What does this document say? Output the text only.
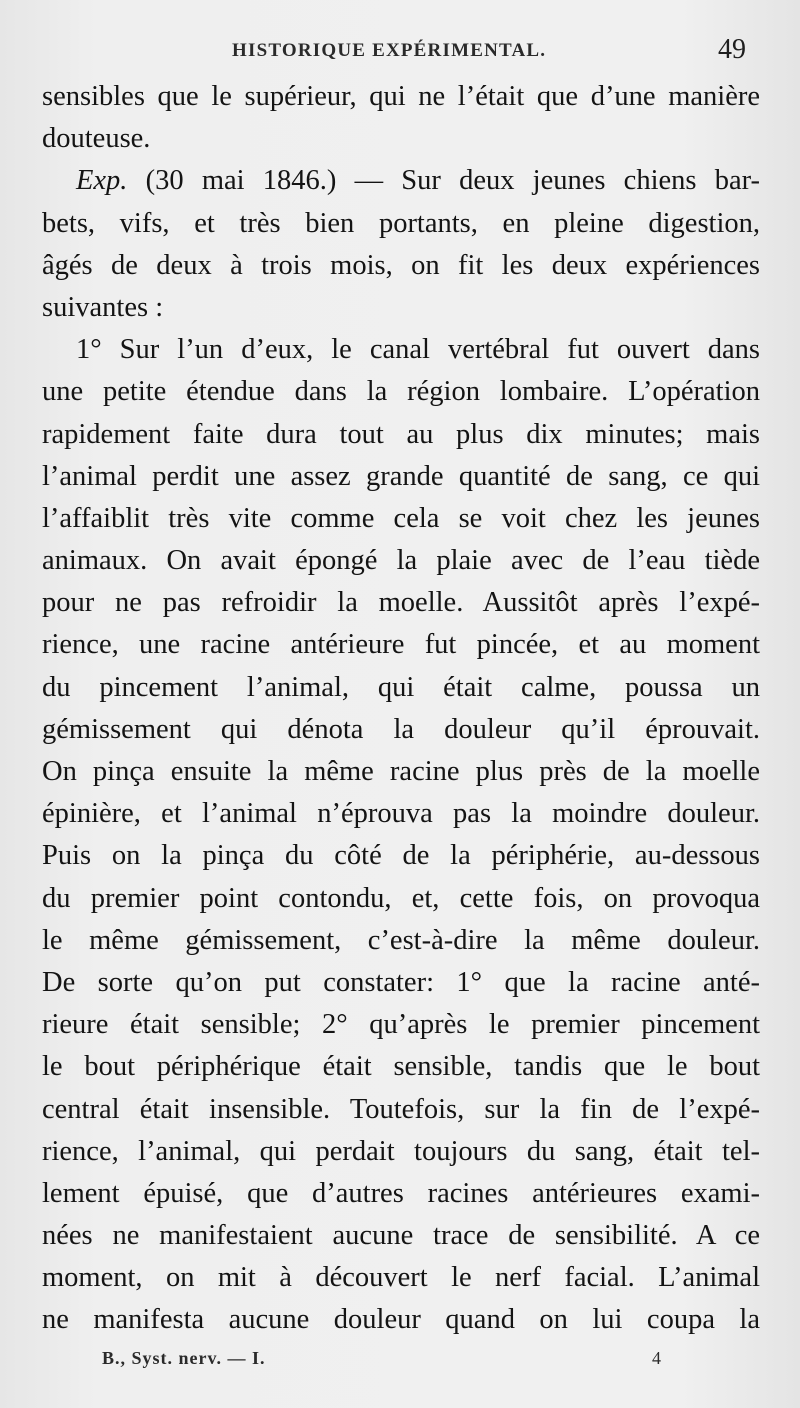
HISTORIQUE EXPÉRIMENTAL.	49
sensibles que le supérieur, qui ne l’était que d’une manière
douteuse.
Exp. (30 mai 1846.) — Sur deux jeunes chiens bar-
bets, vifs, et très bien portants, en pleine digestion,
âgés de deux à trois mois, on fit les deux expériences
suivantes :
1° Sur l’un d’eux, le canal vertébral fut ouvert dans
une petite étendue dans la région lombaire. L’opération
rapidement faite dura tout au plus dix minutes; mais
l’animal perdit une assez grande quantité de sang, ce qui
l’affaiblit très vite comme cela se voit chez les jeunes
animaux. On avait épongé la plaie avec de l’eau tiède
pour ne pas refroidir la moelle. Aussitôt après l’expé-
rience, une racine antérieure fut pincée, et au moment
du pincement l’animal, qui était calme, poussa un
gémissement qui dénota la douleur qu’il éprouvait.
On pinça ensuite la même racine plus près de la moelle
épinière, et l’animal n’éprouva pas la moindre douleur.
Puis on la pinça du côté de la périphérie, au-dessous
du premier point contondu, et, cette fois, on provoqua
le même gémissement, c’est-à-dire la même douleur.
De sorte qu’on put constater: 1° que la racine anté-
rieure était sensible; 2° qu’après le premier pincement
le bout périphérique était sensible, tandis que le bout
central était insensible. Toutefois, sur la fin de l’expé-
rience, l’animal, qui perdait toujours du sang, était tel-
lement épuisé, que d’autres racines antérieures exami-
nées ne manifestaient aucune trace de sensibilité. A ce
moment, on mit à découvert le nerf facial. L’animal
ne manifesta aucune douleur quand on lui coupa la
B., Syst. nerv. — I.	4
